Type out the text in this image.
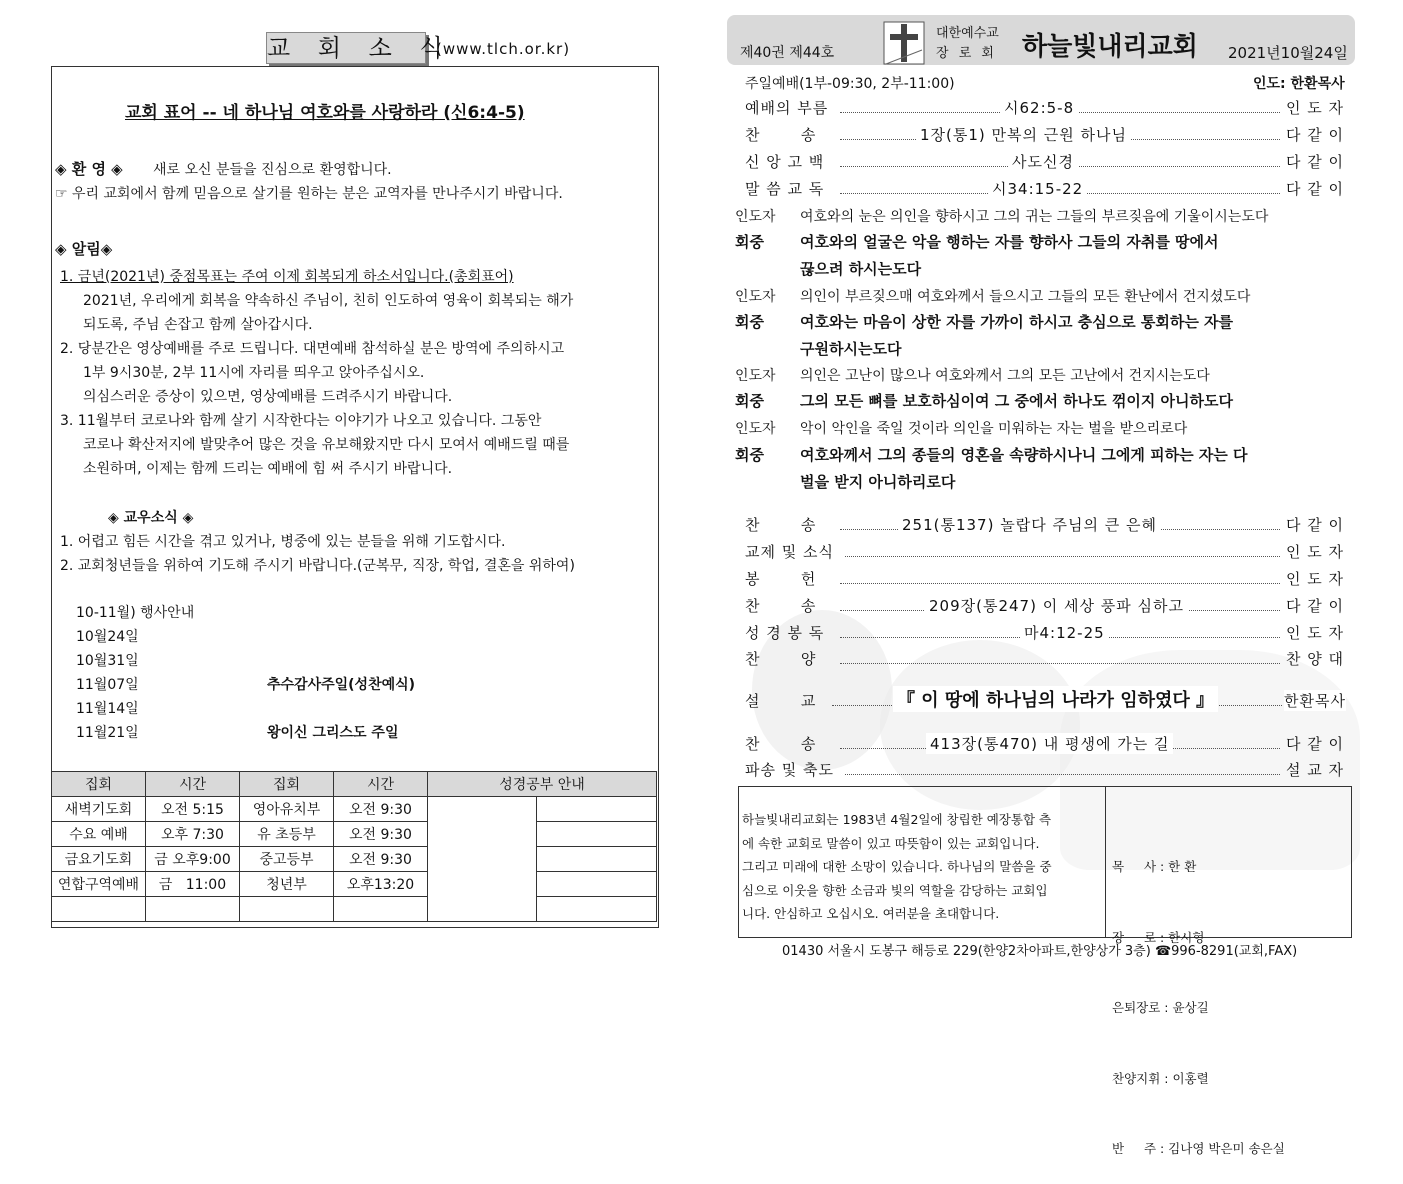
교 회 소 식
(www.tlch.or.kr)
교회 표어 -- 네 하나님 여호와를 사랑하라 (신6:4-5)
◈ 환 영 ◈ 새로 오신 분들을 진심으로 환영합니다.
☞ 우리 교회에서 함께 믿음으로 살기를 원하는 분은 교역자를 만나주시기 바랍니다.
◈ 알림◈
1. 금년(2021년) 중점목표는 주여 이제 회복되게 하소서입니다.(총회표어)
2021년, 우리에게 회복을 약속하신 주님이, 친히 인도하여 영육이 회복되는 해가
되도록, 주님 손잡고 함께 살아갑시다.
2. 당분간은 영상예배를 주로 드립니다. 대면예배 참석하실 분은 방역에 주의하시고
1부 9시30분, 2부 11시에 자리를 띄우고 앉아주십시오.
의심스러운 증상이 있으면, 영상예배를 드려주시기 바랍니다.
3. 11월부터 코로나와 함께 살기 시작한다는 이야기가 나오고 있습니다. 그동안
코로나 확산저지에 발맞추어 많은 것을 유보해왔지만 다시 모여서 예배드릴 때를
소원하며, 이제는 함께 드리는 예배에 힘 써 주시기 바랍니다.
◈ 교우소식 ◈
1. 어렵고 힘든 시간을 겪고 있거나, 병중에 있는 분들을 위해 기도합시다.
2. 교회청년들을 위하여 기도해 주시기 바랍니다.(군복무, 직장, 학업, 결혼을 위하여)
10-11월) 행사안내
10월24일
10월31일
11월07일	추수감사주일(성찬예식)
11월14일
11월21일	왕이신 그리스도 주일
집회	시간	집회	시간	성경공부 안내	
새벽기도회	오전 5:15	영아유치부	오전 9:30		
수요 예배	오후 7:30	유 초등부	오전 9:30		
금요기도회	금 오후9:00	중고등부	오전 9:30		
연합구역예배	금   11:00	청년부	오후13:20		

제40권 제44호
대한예수교
장 로 회 하늘빛내리교회 2021년10월24일
주일예배(1부-09:30, 2부-11:00)	인도: 한환목사
예배의 부름	시62:5-8	인 도 자
찬       송	1장(통1) 만복의 근원 하나님	다 같 이
신 앙 고 백	사도신경	다 같 이
말 씀 교 독	시34:15-22	다 같 이
인도자 여호와의 눈은 의인을 향하시고 그의 귀는 그들의 부르짖음에 기울이시는도다
회중 여호와의 얼굴은 악을 행하는 자를 향하사 그들의 자취를 땅에서
끊으려 하시는도다
인도자 의인이 부르짖으매 여호와께서 들으시고 그들의 모든 환난에서 건지셨도다
회중 여호와는 마음이 상한 자를 가까이 하시고 충심으로 통회하는 자를
구원하시는도다
인도자 의인은 고난이 많으나 여호와께서 그의 모든 고난에서 건지시는도다
회중 그의 모든 뼈를 보호하심이여 그 중에서 하나도 꺾이지 아니하도다
인도자 악이 악인을 죽일 것이라 의인을 미워하는 자는 벌을 받으리로다
회중 여호와께서 그의 종들의 영혼을 속량하시나니 그에게 피하는 자는 다
벌을 받지 아니하리로다
찬       송	251(통137) 놀랍다 주님의 큰 은혜	다 같 이
교제 및 소식	인 도 자
봉       헌	인 도 자
찬       송	209장(통247) 이 세상 풍파 심하고	다 같 이
성 경 봉 독	마4:12-25	인 도 자
찬       양	찬 양 대
설       교	『 이 땅에 하나님의 나라가 임하였다 』	한환목사
찬       송	413장(통470) 내 평생에 가는 길	다 같 이
파송 및 축도	설 교 자
하늘빛내리교회는 1983년 4월2일에 창립한 예장통합 측
에 속한 교회로 말씀이 있고 따뜻함이 있는 교회입니다.
그리고 미래에 대한 소망이 있습니다. 하나님의 말씀을 중
심으로 이웃을 향한 소금과 빛의 역할을 감당하는 교회입
니다. 안심하고 오십시오. 여러분을 초대합니다.

목     사 : 한 환

장     로 : 한시형

은퇴장로 : 윤상길

찬양지휘 : 이홍렬

반     주 : 김나영 박은미 송은실

01430 서울시 도봉구 해등로 229(한양2차아파트,한양상가 3층) ☎996-8291(교회,FAX)
